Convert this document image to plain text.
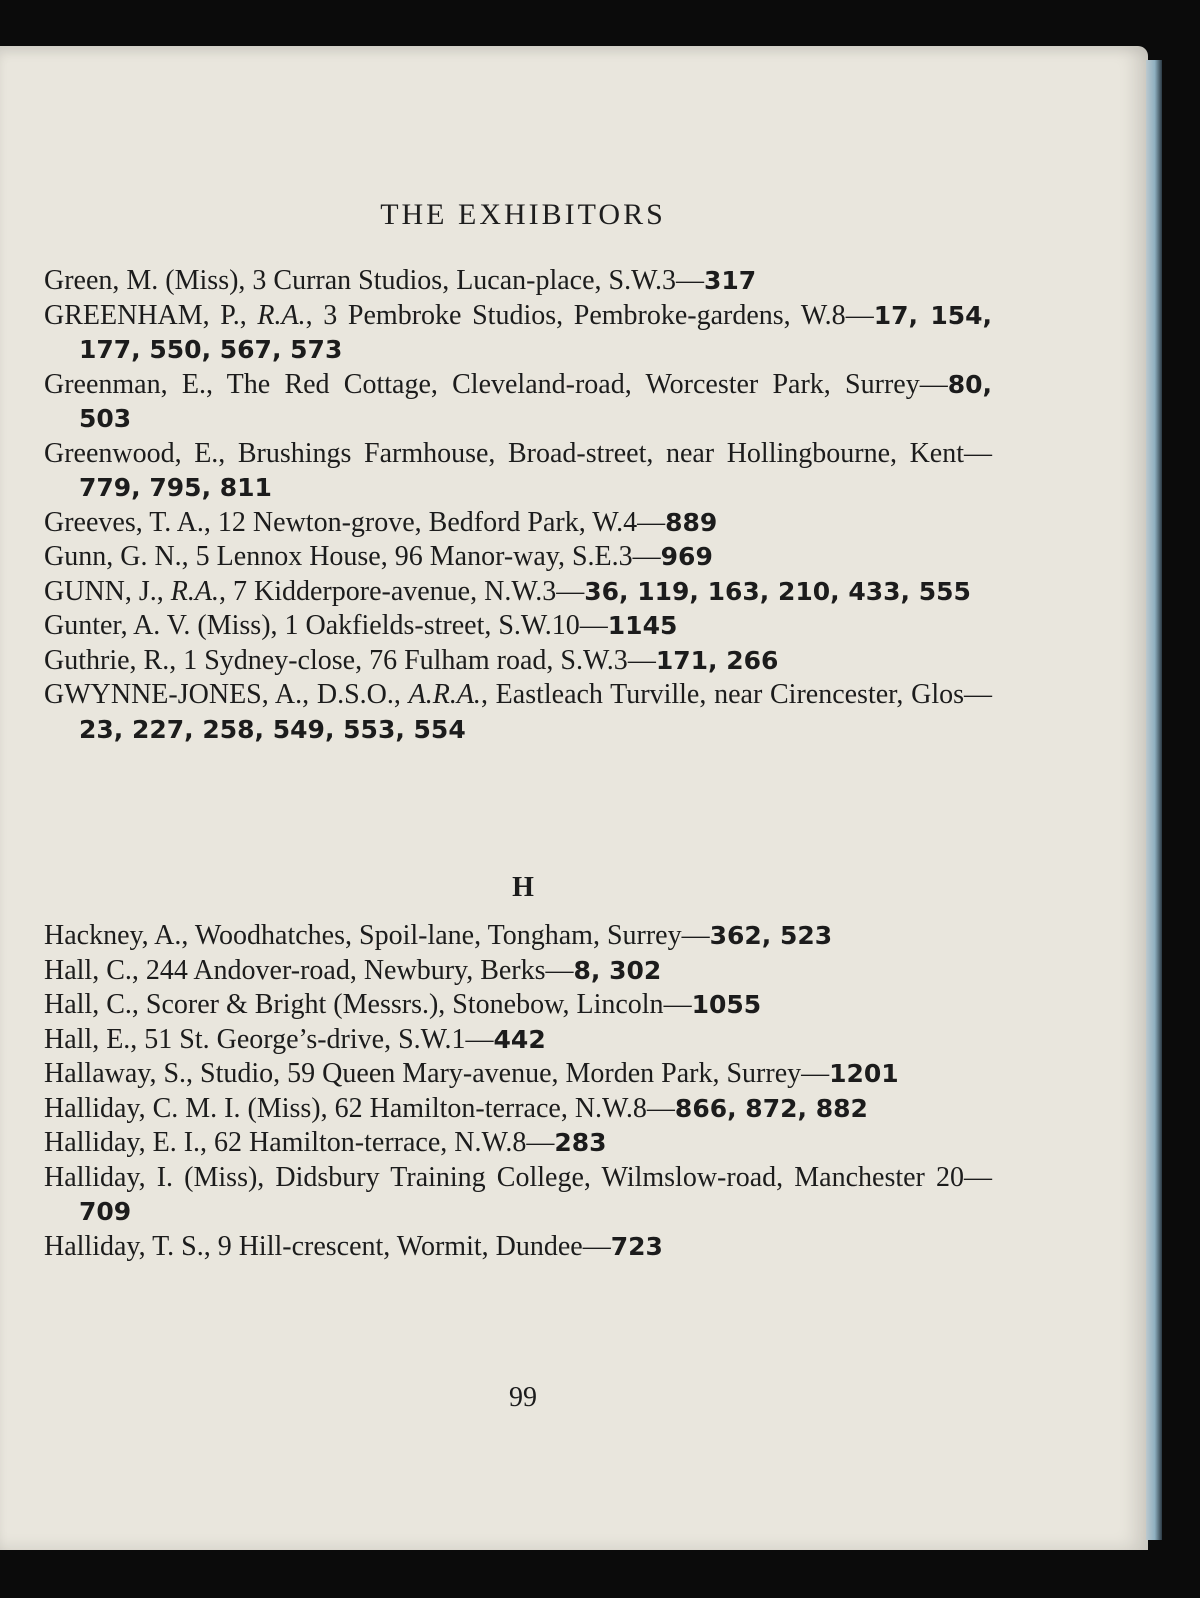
THE EXHIBITORS

Green, M. (Miss), 3 Curran Studios, Lucan-place, S.W.3—317

GREENHAM, P., R.A., 3 Pembroke Studios, Pembroke-gardens, W.8—17, 154, 177, 550, 567, 573

Greenman, E., The Red Cottage, Cleveland-road, Worcester Park, Surrey—80, 503

Greenwood, E., Brushings Farmhouse, Broad-street, near Hollingbourne, Kent—779, 795, 811

Greeves, T. A., 12 Newton-grove, Bedford Park, W.4—889

Gunn, G. N., 5 Lennox House, 96 Manor-way, S.E.3—969

GUNN, J., R.A., 7 Kidderpore-avenue, N.W.3—36, 119, 163, 210, 433, 555

Gunter, A. V. (Miss), 1 Oakfields-street, S.W.10—1145

Guthrie, R., 1 Sydney-close, 76 Fulham road, S.W.3—171, 266

GWYNNE-JONES, A., D.S.O., A.R.A., Eastleach Turville, near Cirencester, Glos—23, 227, 258, 549, 553, 554

H

Hackney, A., Woodhatches, Spoil-lane, Tongham, Surrey—362, 523

Hall, C., 244 Andover-road, Newbury, Berks—8, 302

Hall, C., Scorer & Bright (Messrs.), Stonebow, Lincoln—1055

Hall, E., 51 St. George’s-drive, S.W.1—442

Hallaway, S., Studio, 59 Queen Mary-avenue, Morden Park, Surrey—1201

Halliday, C. M. I. (Miss), 62 Hamilton-terrace, N.W.8—866, 872, 882

Halliday, E. I., 62 Hamilton-terrace, N.W.8—283

Halliday, I. (Miss), Didsbury Training College, Wilmslow-road, Manchester 20—709

Halliday, T. S., 9 Hill-crescent, Wormit, Dundee—723

99
